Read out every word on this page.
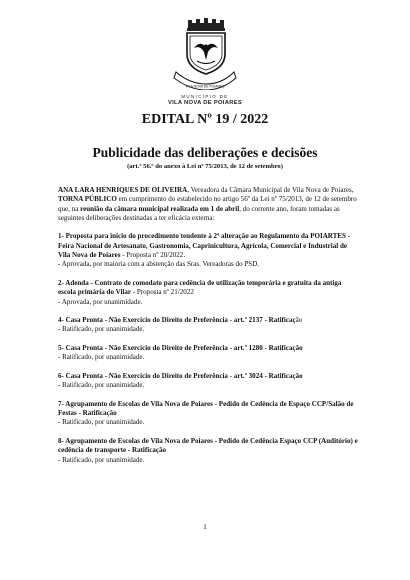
VILA NOVA DE POIARES
MUNICÍPIO DE
VILA NOVA DE POIARES
EDITAL Nº 19 / 2022
Publicidade das deliberações e decisões
(art.º 56.º do anexo à Lei nº 75/2013, de 12 de setembro)

ANA LARA HENRIQUES DE OLIVEIRA, Vereadora da Câmara Municipal de Vila Nova de Poiares,

TORNA PÚBLICO em cumprimento do estabelecido no artigo 56º da Lei nº 75/2013, de 12 de setembro que, na reunião da câmara municipal realizada em 1 de abril, do corrente ano, foram tomadas as seguintes deliberações destinadas a ter eficácia externa:

1- Proposta para início do procedimento tendente à 2ª alteração ao Regulamento da POIARTES - Feira Nacional de Artesanato, Gastronomia, Caprinicultura, Agrícola, Comercial e Industrial de Vila Nova de Poiares - Proposta nº 20/2022.

- Aprovada, por maioria com a abstenção das Sras. Vereadoras do PSD.

2- Adenda - Contrato de comodato para cedência de utilização temporária e gratuita da antiga escola primária do Vilar - Proposta nº 21/2022

- Aprovada, por unanimidade.

4- Casa Pronta - Não Exercício do Direito de Preferência - art.º 2137 - Ratificação

- Ratificado, por unanimidade.

5- Casa Pronta - Não Exercício do Direito de Preferência - art.º 1280 - Ratificação

- Ratificado, por unanimidade.

6- Casa Pronta - Não Exercício do Direito de Preferência - art.º 3024 - Ratificação

- Ratificado, por unanimidade.

7- Agrupamento de Escolas de Vila Nova de Poiares - Pedido de Cedência de Espaço CCP/Salão de Festas - Ratificação

- Ratificado, por unanimidade.

8- Agrupamento de Escolas de Vila Nova de Poiares - Pedido de Cedência Espaço CCP (Auditório) e cedência de transporte - Ratificação

- Ratificado, por unanimidade.

1
